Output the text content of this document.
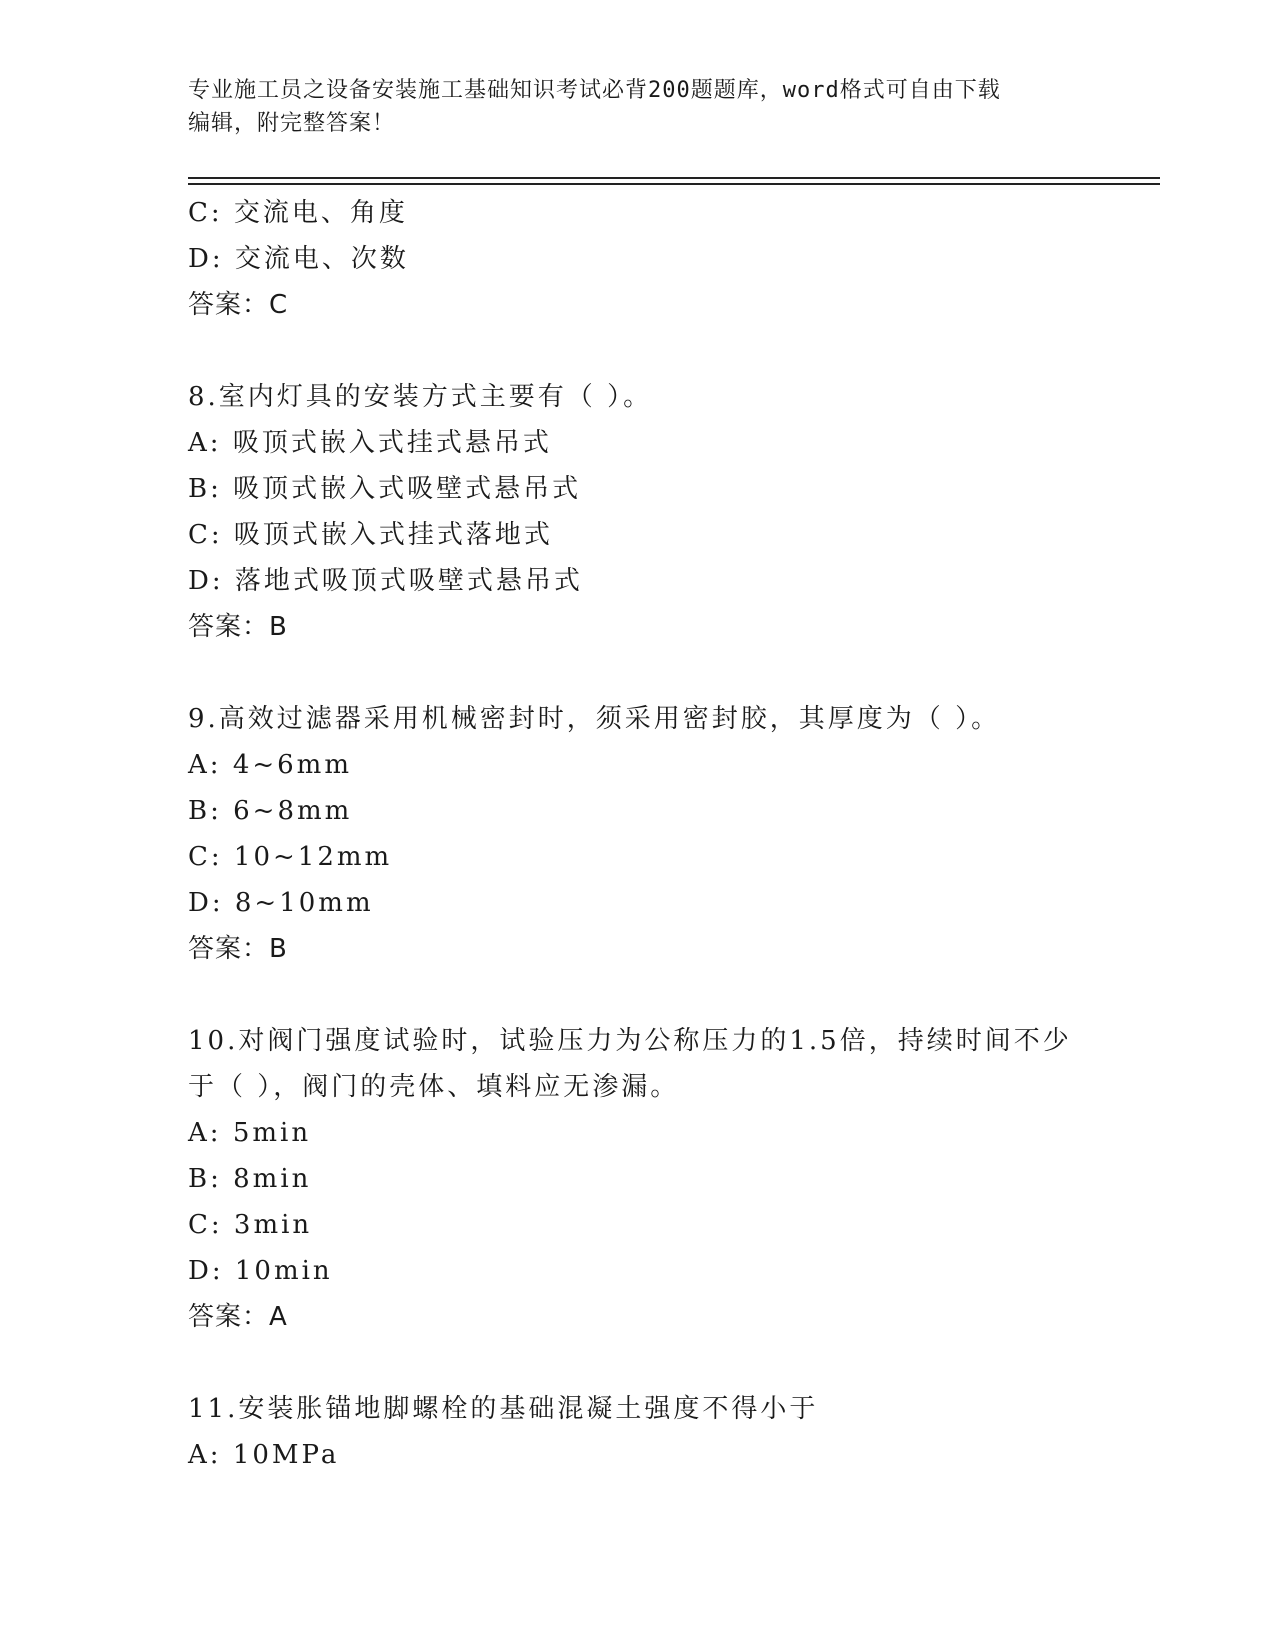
专业施工员之设备安装施工基础知识考试必背200题题库，word格式可自由下载
编辑，附完整答案！
C: 交流电、角度
D: 交流电、次数
答案：C
8.室内灯具的安装方式主要有（ ）。
A: 吸顶式嵌入式挂式悬吊式
B: 吸顶式嵌入式吸壁式悬吊式
C: 吸顶式嵌入式挂式落地式
D: 落地式吸顶式吸壁式悬吊式
答案：B
9.高效过滤器采用机械密封时，须采用密封胶，其厚度为（ ）。
A: 4~6mm
B: 6~8mm
C: 10~12mm
D: 8~10mm
答案：B
10.对阀门强度试验时，试验压力为公称压力的1.5倍，持续时间不少
于（ ），阀门的壳体、填料应无渗漏。
A: 5min
B: 8min
C: 3min
D: 10min
答案：A
11.安装胀锚地脚螺栓的基础混凝土强度不得小于
A: 10MPa
